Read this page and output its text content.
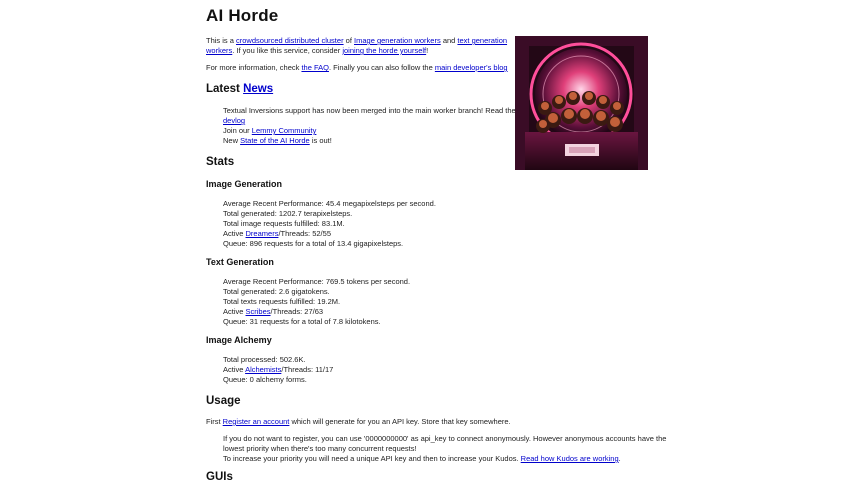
AI Horde
This is a crowdsourced distributed cluster of Image generation workers and text generation
workers. If you like this service, consider joining the horde yourself!
For more information, check the FAQ. Finally you can also follow the main developer's blog
Latest News
Textual Inversions support has now been merged into the main worker branch! Read the
devlog
Join our Lemmy Community
New State of the AI Horde is out!
Stats
Image Generation
Average Recent Performance: 45.4 megapixelsteps per second.
Total generated: 1202.7 terapixelsteps.
Total image requests fulfilled: 83.1M.
Active Dreamers/Threads: 52/55
Queue: 896 requests for a total of 13.4 gigapixelsteps.
Text Generation
Average Recent Performance: 769.5 tokens per second.
Total generated: 2.6 gigatokens.
Total texts requests fulfilled: 19.2M.
Active Scribes/Threads: 27/63
Queue: 31 requests for a total of 7.8 kilotokens.
Image Alchemy
Total processed: 502.6K.
Active Alchemists/Threads: 11/17
Queue: 0 alchemy forms.
Usage
First Register an account which will generate for you an API key. Store that key somewhere.
If you do not want to register, you can use '0000000000' as api_key to connect anonymously. However anonymous accounts have the
lowest priority when there's too many concurrent requests!
To increase your priority you will need a unique API key and then to increase your Kudos. Read how Kudos are working.
GUIs
